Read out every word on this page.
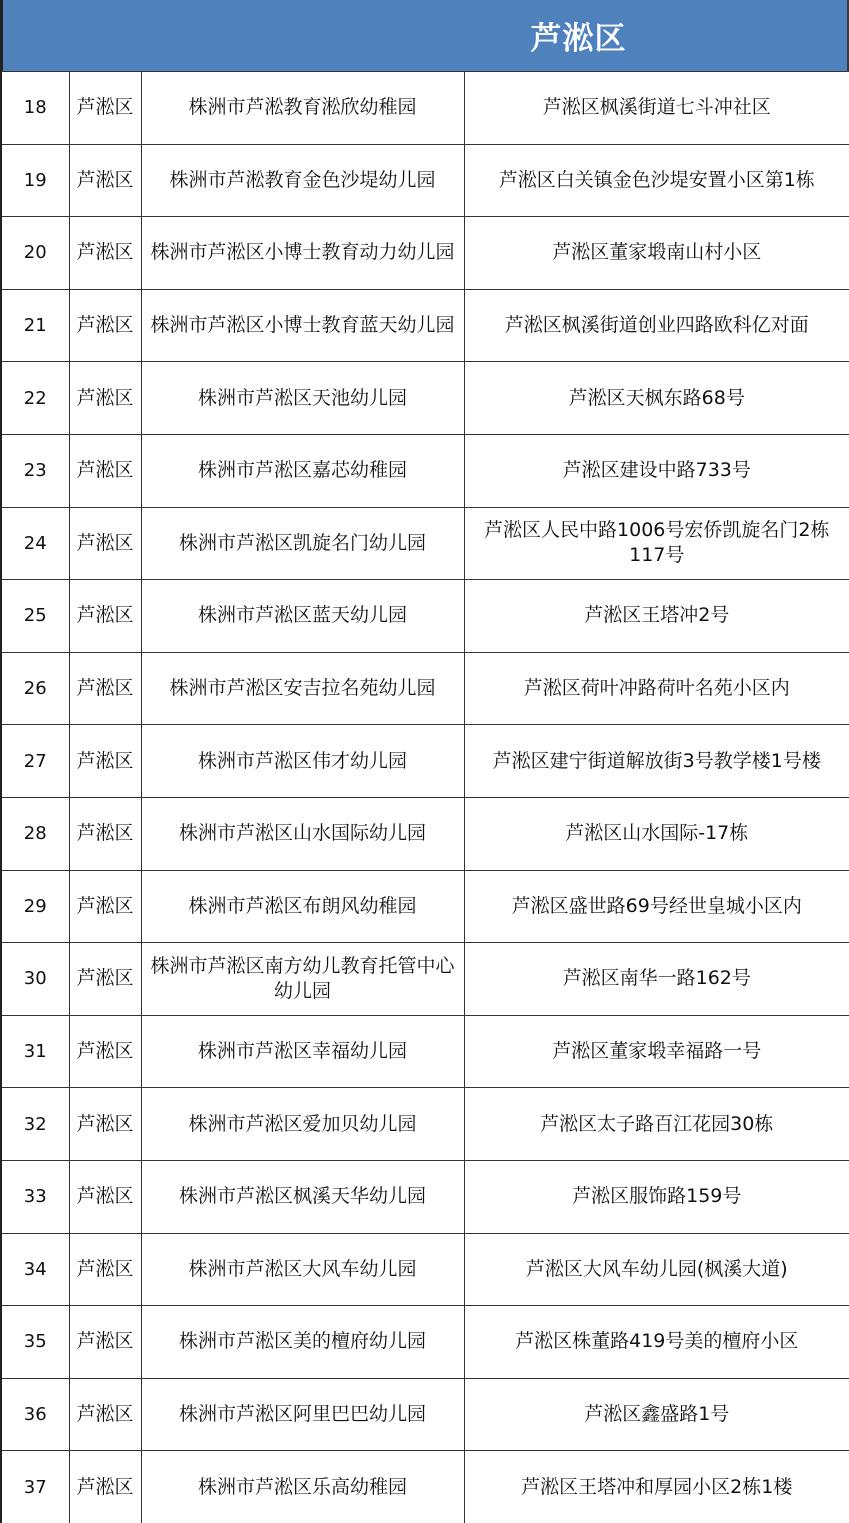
芦淞区
18	芦淞区	株洲市芦淞教育淞欣幼稚园	芦淞区枫溪街道七斗冲社区
19	芦淞区	株洲市芦淞教育金色沙堤幼儿园	芦淞区白关镇金色沙堤安置小区第1栋
20	芦淞区	株洲市芦淞区小博士教育动力幼儿园	芦淞区董家塅南山村小区
21	芦淞区	株洲市芦淞区小博士教育蓝天幼儿园	芦淞区枫溪街道创业四路欧科亿对面
22	芦淞区	株洲市芦淞区天池幼儿园	芦淞区天枫东路68号
23	芦淞区	株洲市芦淞区嘉芯幼稚园	芦淞区建设中路733号
24	芦淞区	株洲市芦淞区凯旋名门幼儿园	芦淞区人民中路1006号宏侨凯旋名门2栋117号
25	芦淞区	株洲市芦淞区蓝天幼儿园	芦淞区王塔冲2号
26	芦淞区	株洲市芦淞区安吉拉名苑幼儿园	芦淞区荷叶冲路荷叶名苑小区内
27	芦淞区	株洲市芦淞区伟才幼儿园	芦淞区建宁街道解放街3号教学楼1号楼
28	芦淞区	株洲市芦淞区山水国际幼儿园	芦淞区山水国际-17栋
29	芦淞区	株洲市芦淞区布朗风幼稚园	芦淞区盛世路69号经世皇城小区内
30	芦淞区	株洲市芦淞区南方幼儿教育托管中心幼儿园	芦淞区南华一路162号
31	芦淞区	株洲市芦淞区幸福幼儿园	芦淞区董家塅幸福路一号
32	芦淞区	株洲市芦淞区爱加贝幼儿园	芦淞区太子路百江花园30栋
33	芦淞区	株洲市芦淞区枫溪天华幼儿园	芦淞区服饰路159号
34	芦淞区	株洲市芦淞区大风车幼儿园	芦淞区大风车幼儿园(枫溪大道)
35	芦淞区	株洲市芦淞区美的檀府幼儿园	芦淞区株董路419号美的檀府小区
36	芦淞区	株洲市芦淞区阿里巴巴幼儿园	芦淞区鑫盛路1号
37	芦淞区	株洲市芦淞区乐高幼稚园	芦淞区王塔冲和厚园小区2栋1楼
